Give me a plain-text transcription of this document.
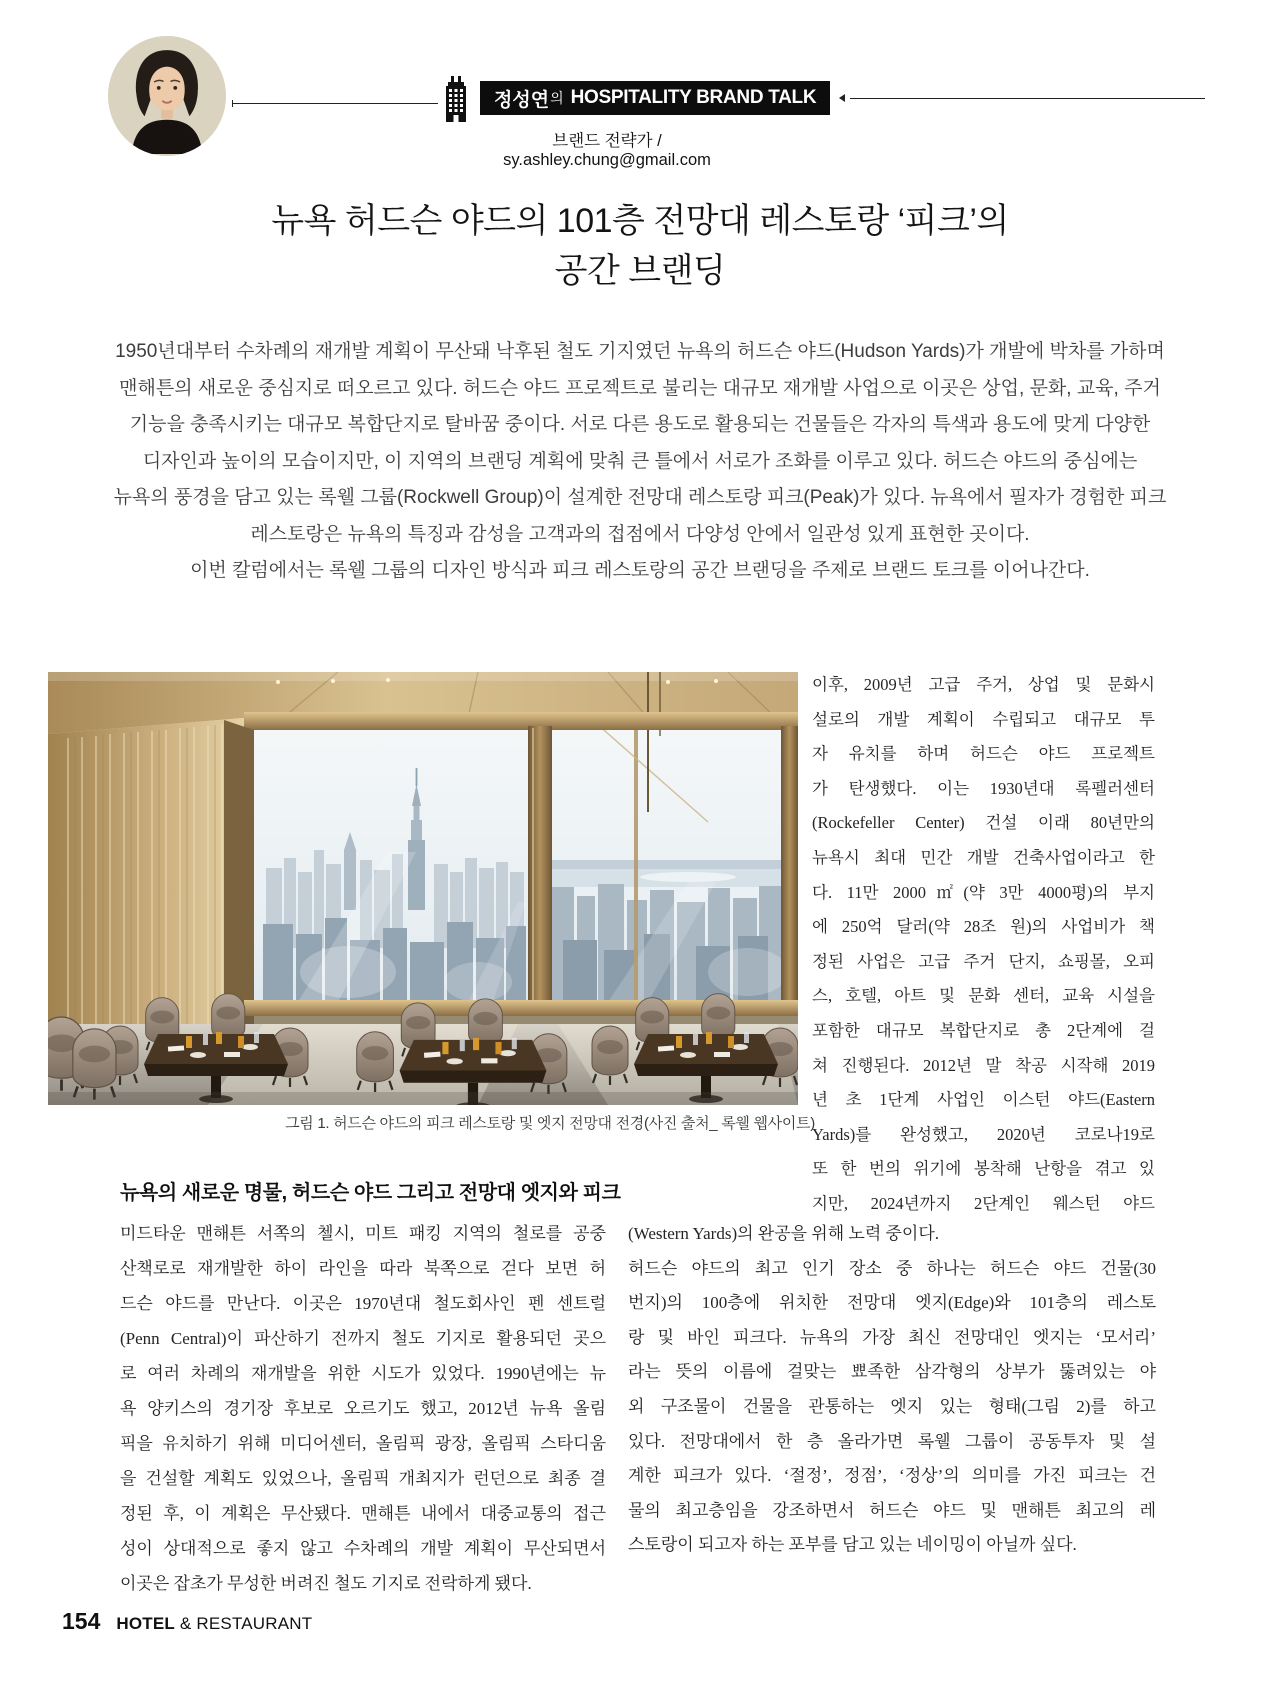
정성연 의 HOSPITALITY BRAND TALK
브랜드 전략가 / sy.ashley.chung@gmail.com
뉴욕 허드슨 야드의 101층 전망대 레스토랑 ‘피크’의
공간 브랜딩
1950년대부터 수차례의 재개발 계획이 무산돼 낙후된 철도 기지였던 뉴욕의 허드슨 야드(Hudson Yards)가 개발에 박차를 가하며
맨해튼의 새로운 중심지로 떠오르고 있다. 허드슨 야드 프로젝트로 불리는 대규모 재개발 사업으로 이곳은 상업, 문화, 교육, 주거
기능을 충족시키는 대규모 복합단지로 탈바꿈 중이다. 서로 다른 용도로 활용되는 건물들은 각자의 특색과 용도에 맞게 다양한
디자인과 높이의 모습이지만, 이 지역의 브랜딩 계획에 맞춰 큰 틀에서 서로가 조화를 이루고 있다. 허드슨 야드의 중심에는
뉴욕의 풍경을 담고 있는 록웰 그룹(Rockwell Group)이 설계한 전망대 레스토랑 피크(Peak)가 있다. 뉴욕에서 필자가 경험한 피크
레스토랑은 뉴욕의 특징과 감성을 고객과의 접점에서 다양성 안에서 일관성 있게 표현한 곳이다.
이번 칼럼에서는 록웰 그룹의 디자인 방식과 피크 레스토랑의 공간 브랜딩을 주제로 브랜드 토크를 이어나간다.
그림 1. 허드슨 야드의 피크 레스토랑 및 엣지 전망대 전경(사진 출처_ 록웰 웹사이트)
뉴욕의 새로운 명물, 허드슨 야드 그리고 전망대 엣지와 피크
미드타운 맨해튼 서쪽의 첼시, 미트 패킹 지역의 철로를 공중
산책로로 재개발한 하이 라인을 따라 북쪽으로 걷다 보면 허
드슨 야드를 만난다. 이곳은 1970년대 철도회사인 펜 센트럴
(Penn Central)이 파산하기 전까지 철도 기지로 활용되던 곳으
로 여러 차례의 재개발을 위한 시도가 있었다. 1990년에는 뉴
욕 양키스의 경기장 후보로 오르기도 했고, 2012년 뉴욕 올림
픽을 유치하기 위해 미디어센터, 올림픽 광장, 올림픽 스타디움
을 건설할 계획도 있었으나, 올림픽 개최지가 런던으로 최종 결
정된 후, 이 계획은 무산됐다. 맨해튼 내에서 대중교통의 접근
성이 상대적으로 좋지 않고 수차례의 개발 계획이 무산되면서
이곳은 잡초가 무성한 버려진 철도 기지로 전락하게 됐다.
이후, 2009년 고급 주거, 상업 및 문화시
설로의 개발 계획이 수립되고 대규모 투
자 유치를 하며 허드슨 야드 프로젝트
가 탄생했다. 이는 1930년대 록펠러센터
(Rockefeller Center) 건설 이래 80년만의
뉴욕시 최대 민간 개발 건축사업이라고 한
다. 11만 2000㎡(약 3만 4000평)의 부지
에 250억 달러(약 28조 원)의 사업비가 책
정된 사업은 고급 주거 단지, 쇼핑몰, 오피
스, 호텔, 아트 및 문화 센터, 교육 시설을
포함한 대규모 복합단지로 총 2단계에 걸
쳐 진행된다. 2012년 말 착공 시작해 2019
년 초 1단계 사업인 이스턴 야드(Eastern
Yards)를 완성했고, 2020년 코로나19로
또 한 번의 위기에 봉착해 난항을 겪고 있
지만, 2024년까지 2단계인 웨스턴 야드
(Western Yards)의 완공을 위해 노력 중이다.
허드슨 야드의 최고 인기 장소 중 하나는 허드슨 야드 건물(30
번지)의 100층에 위치한 전망대 엣지(Edge)와 101층의 레스토
랑 및 바인 피크다. 뉴욕의 가장 최신 전망대인 엣지는 ‘모서리’
라는 뜻의 이름에 걸맞는 뾰족한 삼각형의 상부가 뚫려있는 야
외 구조물이 건물을 관통하는 엣지 있는 형태(그림 2)를 하고
있다. 전망대에서 한 층 올라가면 록웰 그룹이 공동투자 및 설
계한 피크가 있다. ‘절정’, 정점’, ‘정상’의 의미를 가진 피크는 건
물의 최고층임을 강조하면서 허드슨 야드 및 맨해튼 최고의 레
스토랑이 되고자 하는 포부를 담고 있는 네이밍이 아닐까 싶다.
154 HOTEL & RESTAURANT
